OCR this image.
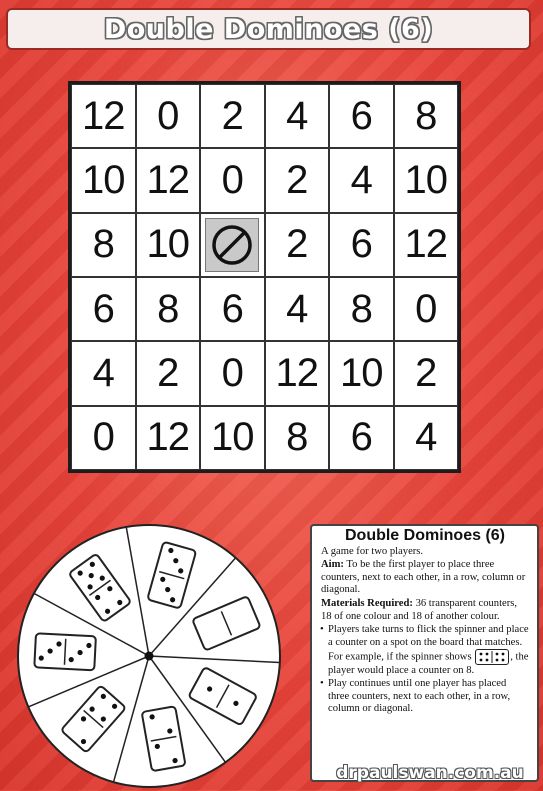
Double Dominoes (6)
12 0 2 4 6 8
10 12 0 2 4 10
8 10 2 6 12
6 8 6 4 8 0
4 2 0 12 10 2
0 12 10 8 6 4
Double Dominoes (6)

A game for two players.

Aim: To be the first player to place three counters, next to each other, in a row, column or diagonal.

Materials Required: 36 transparent counters, 18 of one colour and 18 of another colour.

• Players take turns to flick the spinner and place a counter on a spot on the board that matches. For example, if the spinner shows	, the player would place a counter on 8.
• Play continues until one player has placed three counters, next to each other, in a row, column or diagonal.
drpaulswan.com.au
